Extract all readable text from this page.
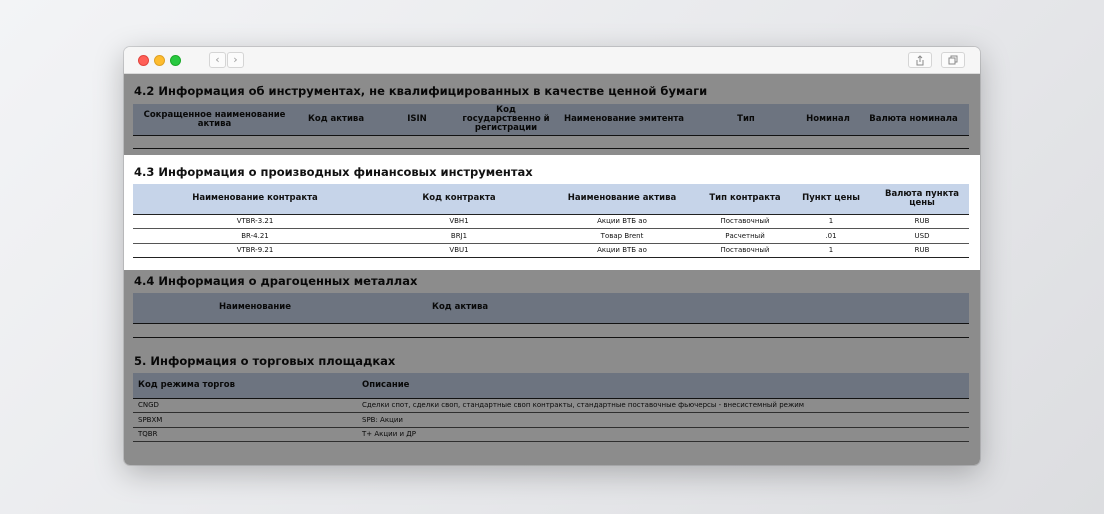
‹	›
4.2 Информация об инструментах, не квалифицированных в качестве ценной бумаги
Сокращенное наименование актива	Код актива	ISIN	Код государственно й регистрации	Наименование эмитента	Тип	Номинал	Валюта номинала

4.3 Информация о производных финансовых инструментах
Наименование контракта	Код контракта	Наименование актива	Тип контракта	Пункт цены	Валюта пункта цены
VTBR-3.21	VBH1	Акции ВТБ ао	Поставочный	1	RUB
BR-4.21	BRJ1	Товар Brent	Расчетный	.01	USD
VTBR-9.21	VBU1	Акции ВТБ ао	Поставочный	1	RUB
4.4 Информация о драгоценных металлах
Наименование	Код актива

5. Информация о торговых площадках
Код режима торгов	Описание
CNGD	Сделки спот, сделки своп, стандартные своп контракты, стандартные поставочные фьючерсы - внесистемный режим
SPBXM	SPB: Акции
TQBR	Т+ Акции и ДР
